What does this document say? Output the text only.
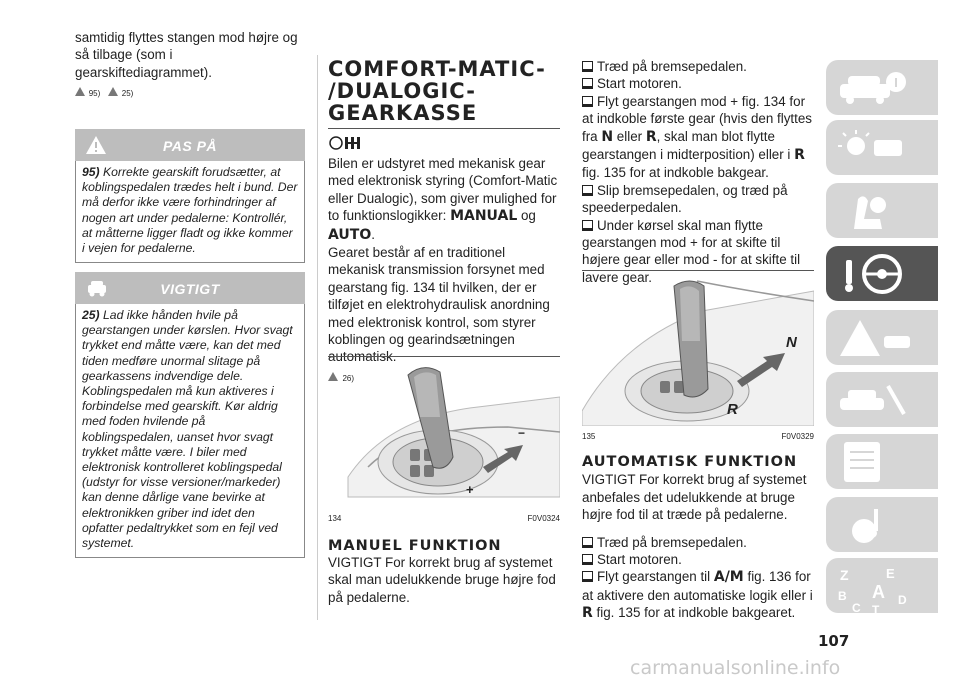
samtidig flyttes stangen mod højre og så tilbage (som i gearskiftediagrammet).

95)	25)
PAS PÅ
95) Korrekte gearskift forudsætter, at koblingspedalen trædes helt i bund. Der må derfor ikke være forhindringer af nogen art under pedalerne: Kontrollér, at måtterne ligger fladt og ikke kommer i vejen for pedalerne.
VIGTIGT
25) Lad ikke hånden hvile på gearstangen under kørslen. Hvor svagt trykket end måtte være, kan det med tiden medføre unormal slitage på gearkassens indvendige dele. Koblingspedalen må kun aktiveres i forbindelse med gearskift. Kør aldrig med foden hvilende på koblingspedalen, uanset hvor svagt trykket måtte være. I biler med elektronisk kontrolleret koblingspedal (udstyr for visse versioner/markeder) kan denne dårlige vane bevirke at elektronikken griber ind idet den opfatter pedaltrykket som en fejl ved systemet.
COMFORT-MATIC-
/DUALOGIC-
GEARKASSE
Bilen er udstyret med mekanisk gear med elektronisk styring (Comfort-Matic eller Dualogic), som giver mulighed for to funktionslogikker: MANUAL og AUTO.
Gearet består af en traditionel mekanisk transmission forsynet med gearstang fig. 134 til hvilken, der er tilføjet en elektrohydraulisk anordning med elektronisk kontrol, som styrer koblingen og gearindsætningen automatisk.
26)
−
+
134	F0V0324
MANUEL FUNKTION
VIGTIGT For korrekt brug af systemet skal man udelukkende bruge højre fod på pedalerne.
Træd på bremsepedalen.
Start motoren.
Flyt gearstangen mod + fig. 134 for at indkoble første gear (hvis den flyttes fra N eller R, skal man blot flytte gearstangen i midterposition) eller i R fig. 135 for at indkoble bakgear.
Slip bremsepedalen, og træd på speederpedalen.
Under kørsel skal man flytte gearstangen mod + for at skifte til højere gear eller mod - for at skifte til lavere gear.
N
R
135	F0V0329
AUTOMATISK FUNKTION
VIGTIGT For korrekt brug af systemet anbefales det udelukkende at bruge højre fod til at træde på pedalerne.
Træd på bremsepedalen.
Start motoren.
Flyt gearstangen til A/M fig. 136 for at aktivere den automatiske logik eller i R fig. 135 for at indkoble bakgearet.
Z	E
B A D
C T
107
carmanualsonline.info
